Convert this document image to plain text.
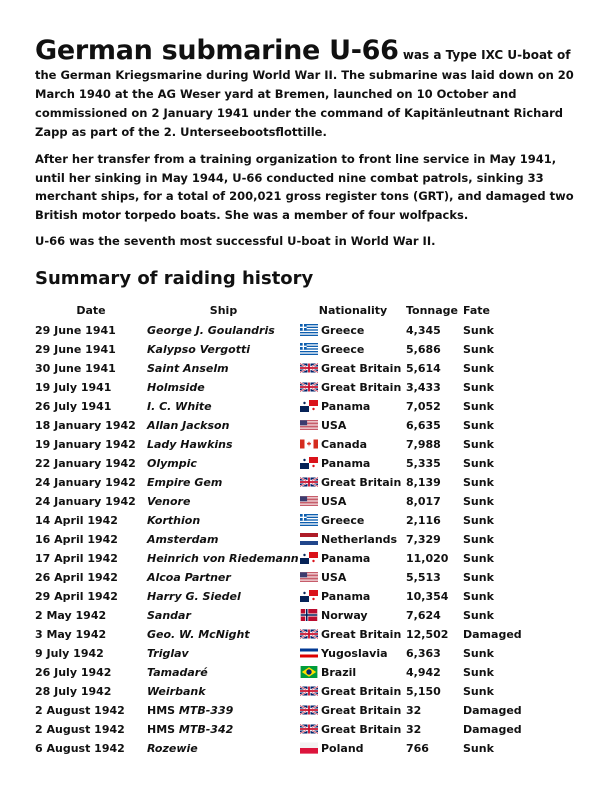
German submarine U-66 was a Type IXC U-boat of
the German Kriegsmarine during World War II. The submarine was laid down on 20 March 1940 at the AG Weser yard at Bremen, launched on 10 October and commissioned on 2 January 1941 under the command of Kapitänleutnant Richard Zapp as part of the 2. Unterseebootsflottille.

After her transfer from a training organization to front line service in May 1941, until her sinking in May 1944, U-66 conducted nine combat patrols, sinking 33 merchant ships, for a total of 200,021 gross register tons (GRT), and damaged two British motor torpedo boats. She was a member of four wolfpacks.

U-66 was the seventh most successful U-boat in World War II.

Summary of raiding history
Date	Ship	Nationality	Tonnage	Fate
29 June 1941	George J. Goulandris	Greece	4,345	Sunk
29 June 1941	Kalypso Vergotti	Greece	5,686	Sunk
30 June 1941	Saint Anselm	Great Britain	5,614	Sunk
19 July 1941	Holmside	Great Britain	3,433	Sunk
26 July 1941	I. C. White	Panama	7,052	Sunk
18 January 1942	Allan Jackson	USA	6,635	Sunk
19 January 1942	Lady Hawkins	Canada	7,988	Sunk
22 January 1942	Olympic	Panama	5,335	Sunk
24 January 1942	Empire Gem	Great Britain	8,139	Sunk
24 January 1942	Venore	USA	8,017	Sunk
14 April 1942	Korthion	Greece	2,116	Sunk
16 April 1942	Amsterdam	Netherlands	7,329	Sunk
17 April 1942	Heinrich von Riedemann	Panama	11,020	Sunk
26 April 1942	Alcoa Partner	USA	5,513	Sunk
29 April 1942	Harry G. Siedel	Panama	10,354	Sunk
2 May 1942	Sandar	Norway	7,624	Sunk
3 May 1942	Geo. W. McNight	Great Britain	12,502	Damaged
9 July 1942	Triglav	Yugoslavia	6,363	Sunk
26 July 1942	Tamadaré	Brazil	4,942	Sunk
28 July 1942	Weirbank	Great Britain	5,150	Sunk
2 August 1942	HMS MTB-339	Great Britain	32	Damaged
2 August 1942	HMS MTB-342	Great Britain	32	Damaged
6 August 1942	Rozewie	Poland	766	Sunk
